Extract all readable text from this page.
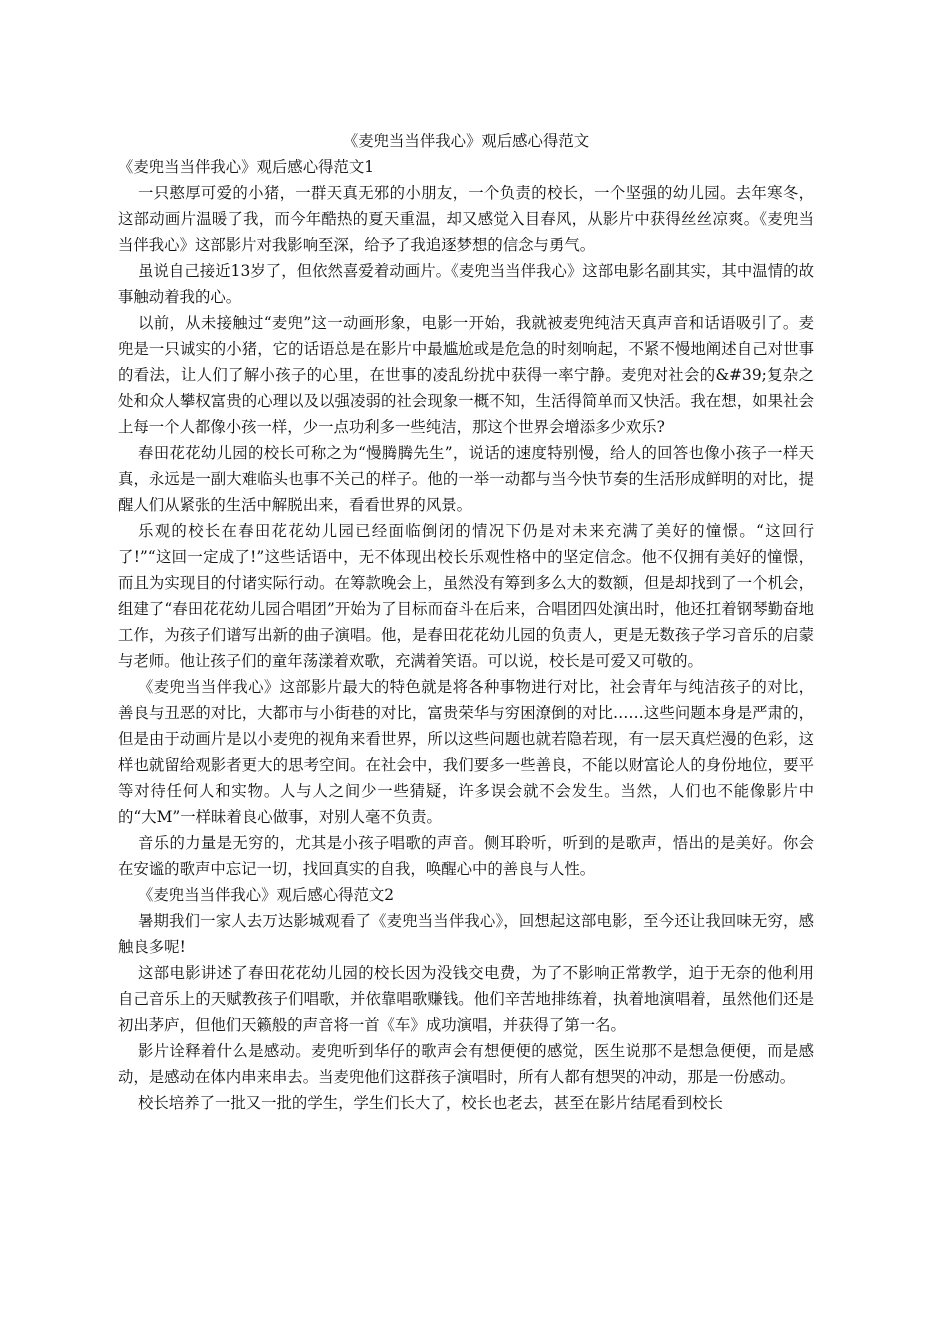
《麦兜当当伴我心》观后感心得范文
《麦兜当当伴我心》观后感心得范文1

一只憨厚可爱的小猪，一群天真无邪的小朋友，一个负责的校长，一个坚强的幼儿园。去年寒冬，这部动画片温暖了我，而今年酷热的夏天重温，却又感觉入目春风，从影片中获得丝丝凉爽。《麦兜当当伴我心》这部影片对我影响至深，给予了我追逐梦想的信念与勇气。

虽说自己接近13岁了，但依然喜爱着动画片。《麦兜当当伴我心》这部电影名副其实，其中温情的故事触动着我的心。

以前，从未接触过“麦兜”这一动画形象，电影一开始，我就被麦兜纯洁天真声音和话语吸引了。麦兜是一只诚实的小猪，它的话语总是在影片中最尴尬或是危急的时刻响起，不紧不慢地阐述自己对世事的看法，让人们了解小孩子的心里，在世事的凌乱纷扰中获得一率宁静。麦兜对社会的&#39;复杂之处和众人攀权富贵的心理以及以强凌弱的社会现象一概不知，生活得简单而又快活。我在想，如果社会上每一个人都像小孩一样，少一点功利多一些纯洁，那这个世界会增添多少欢乐?

春田花花幼儿园的校长可称之为“慢腾腾先生”，说话的速度特别慢，给人的回答也像小孩子一样天真，永远是一副大难临头也事不关己的样子。他的一举一动都与当今快节奏的生活形成鲜明的对比，提醒人们从紧张的生活中解脱出来，看看世界的风景。

乐观的校长在春田花花幼儿园已经面临倒闭的情况下仍是对未来充满了美好的憧憬。“这回行了!”“这回一定成了!”这些话语中，无不体现出校长乐观性格中的坚定信念。他不仅拥有美好的憧憬，而且为实现目的付诸实际行动。在筹款晚会上，虽然没有筹到多么大的数额，但是却找到了一个机会，组建了“春田花花幼儿园合唱团”开始为了目标而奋斗在后来，合唱团四处演出时，他还扛着钢琴勤奋地工作，为孩子们谱写出新的曲子演唱。他，是春田花花幼儿园的负责人，更是无数孩子学习音乐的启蒙与老师。他让孩子们的童年荡漾着欢歌，充满着笑语。可以说，校长是可爱又可敬的。

《麦兜当当伴我心》这部影片最大的特色就是将各种事物进行对比，社会青年与纯洁孩子的对比，善良与丑恶的对比，大都市与小街巷的对比，富贵荣华与穷困潦倒的对比……这些问题本身是严肃的，但是由于动画片是以小麦兜的视角来看世界，所以这些问题也就若隐若现，有一层天真烂漫的色彩，这样也就留给观影者更大的思考空间。在社会中，我们要多一些善良，不能以财富论人的身份地位，要平等对待任何人和实物。人与人之间少一些猜疑，许多误会就不会发生。当然，人们也不能像影片中的“大M”一样昧着良心做事，对别人毫不负责。

音乐的力量是无穷的，尤其是小孩子唱歌的声音。侧耳聆听，听到的是歌声，悟出的是美好。你会在安谧的歌声中忘记一切，找回真实的自我，唤醒心中的善良与人性。

《麦兜当当伴我心》观后感心得范文2

暑期我们一家人去万达影城观看了《麦兜当当伴我心》，回想起这部电影，至今还让我回味无穷，感触良多呢!

这部电影讲述了春田花花幼儿园的校长因为没钱交电费，为了不影响正常教学，迫于无奈的他利用自己音乐上的天赋教孩子们唱歌，并依靠唱歌赚钱。他们辛苦地排练着，执着地演唱着，虽然他们还是初出茅庐，但他们天籁般的声音将一首《车》成功演唱，并获得了第一名。

影片诠释着什么是感动。麦兜听到华仔的歌声会有想便便的感觉，医生说那不是想急便便，而是感动，是感动在体内串来串去。当麦兜他们这群孩子演唱时，所有人都有想哭的冲动，那是一份感动。

校长培养了一批又一批的学生，学生们长大了，校长也老去，甚至在影片结尾看到校长
